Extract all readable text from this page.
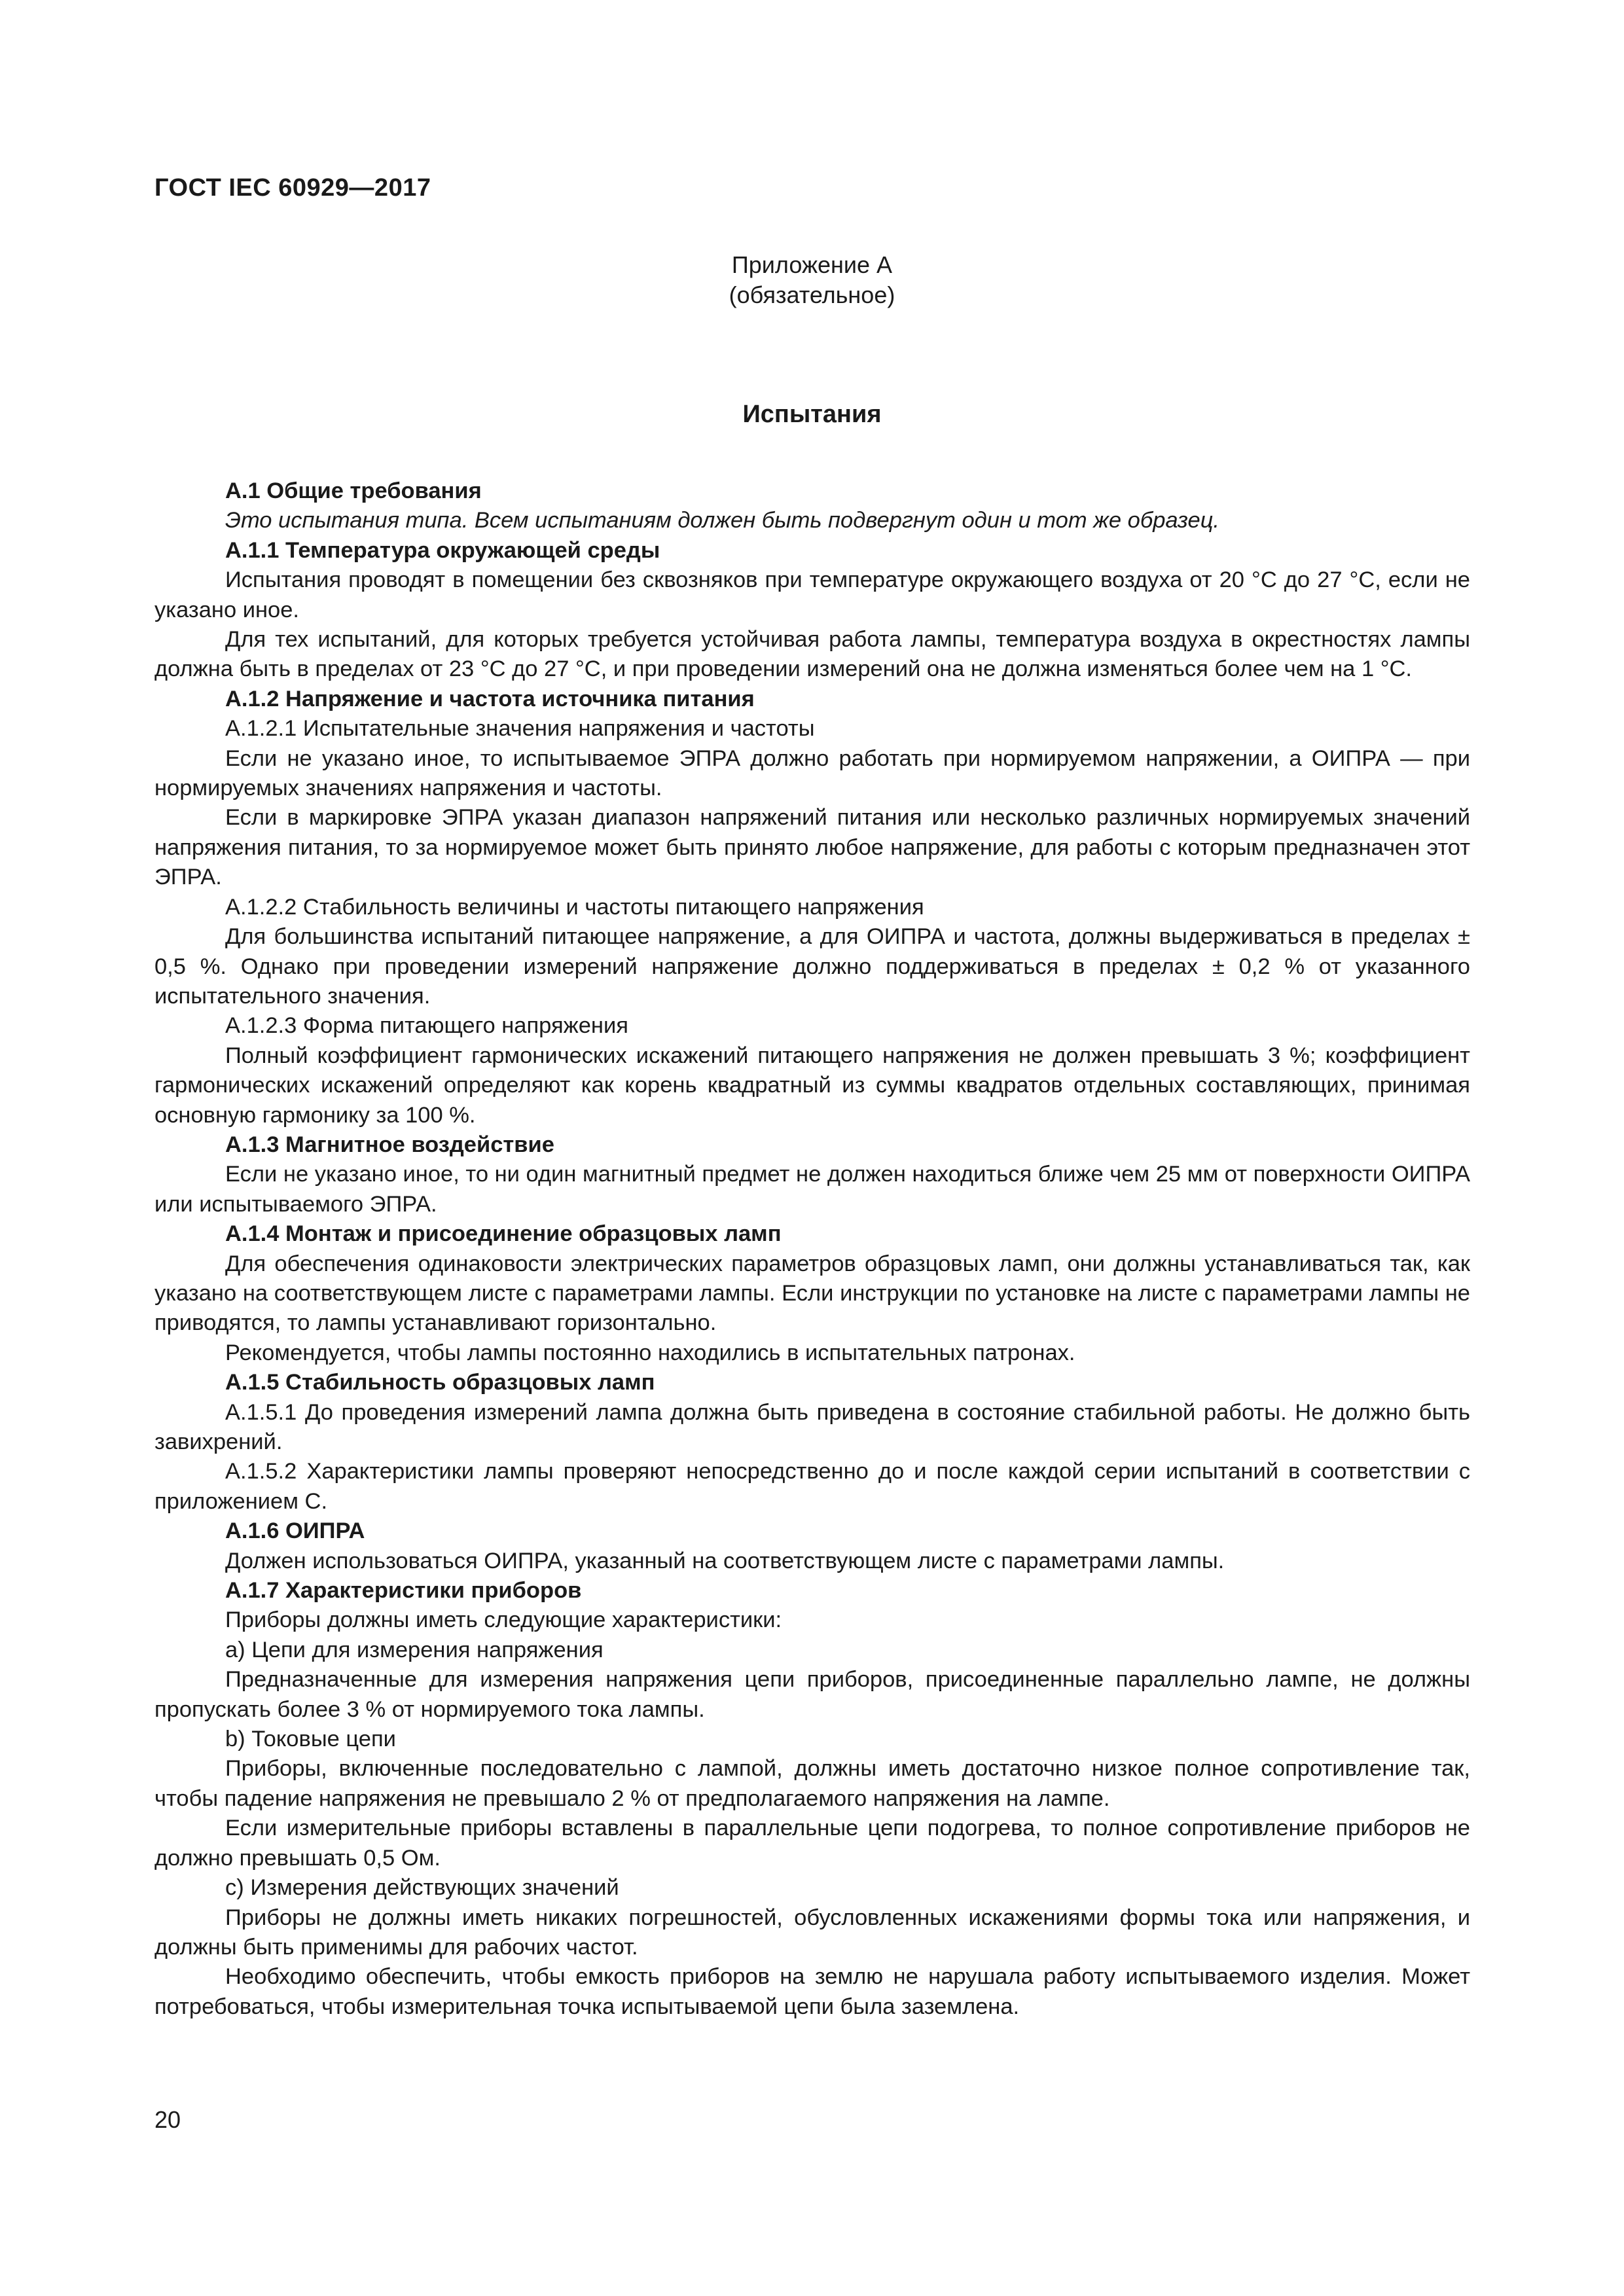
ГОСТ IEC 60929—2017
Приложение А
(обязательное)
Испытания

А.1 Общие требования

Это испытания типа. Всем испытаниям должен быть подвергнут один и тот же образец.

А.1.1 Температура окружающей среды

Испытания проводят в помещении без сквозняков при температуре окружающего воздуха от 20 °С до 27 °С, если не указано иное.

Для тех испытаний, для которых требуется устойчивая работа лампы, температура воздуха в окрестностях лампы должна быть в пределах от 23 °С до 27 °С, и при проведении измерений она не должна изменяться более чем на 1 °С.

А.1.2 Напряжение и частота источника питания

А.1.2.1 Испытательные значения напряжения и частоты

Если не указано иное, то испытываемое ЭПРА должно работать при нормируемом напряжении, а ОИПРА — при нормируемых значениях напряжения и частоты.

Если в маркировке ЭПРА указан диапазон напряжений питания или несколько различных нормируемых значений напряжения питания, то за нормируемое может быть принято любое напряжение, для работы с которым предназначен этот ЭПРА.

А.1.2.2 Стабильность величины и частоты питающего напряжения

Для большинства испытаний питающее напряжение, а для ОИПРА и частота, должны выдерживаться в пределах ± 0,5 %. Однако при проведении измерений напряжение должно поддерживаться в пределах ± 0,2 % от указанного испытательного значения.

А.1.2.3 Форма питающего напряжения

Полный коэффициент гармонических искажений питающего напряжения не должен превышать 3 %; коэффициент гармонических искажений определяют как корень квадратный из суммы квадратов отдельных составляющих, принимая основную гармонику за 100 %.

А.1.3 Магнитное воздействие

Если не указано иное, то ни один магнитный предмет не должен находиться ближе чем 25 мм от поверхности ОИПРА или испытываемого ЭПРА.

А.1.4 Монтаж и присоединение образцовых ламп

Для обеспечения одинаковости электрических параметров образцовых ламп, они должны устанавливаться так, как указано на соответствующем листе с параметрами лампы. Если инструкции по установке на листе с параметрами лампы не приводятся, то лампы устанавливают горизонтально.

Рекомендуется, чтобы лампы постоянно находились в испытательных патронах.

А.1.5 Стабильность образцовых ламп

А.1.5.1 До проведения измерений лампа должна быть приведена в состояние стабильной работы. Не должно быть завихрений.

А.1.5.2 Характеристики лампы проверяют непосредственно до и после каждой серии испытаний в соответствии с приложением С.

А.1.6 ОИПРА

Должен использоваться ОИПРА, указанный на соответствующем листе с параметрами лампы.

А.1.7 Характеристики приборов

Приборы должны иметь следующие характеристики:

a) Цепи для измерения напряжения

Предназначенные для измерения напряжения цепи приборов, присоединенные параллельно лампе, не должны пропускать более 3 % от нормируемого тока лампы.

b) Токовые цепи

Приборы, включенные последовательно с лампой, должны иметь достаточно низкое полное сопротивление так, чтобы падение напряжения не превышало 2 % от предполагаемого напряжения на лампе.

Если измерительные приборы вставлены в параллельные цепи подогрева, то полное сопротивление приборов не должно превышать 0,5 Ом.

c) Измерения действующих значений

Приборы не должны иметь никаких погрешностей, обусловленных искажениями формы тока или напряжения, и должны быть применимы для рабочих частот.

Необходимо обеспечить, чтобы емкость приборов на землю не нарушала работу испытываемого изделия. Может потребоваться, чтобы измерительная точка испытываемой цепи была заземлена.

20
